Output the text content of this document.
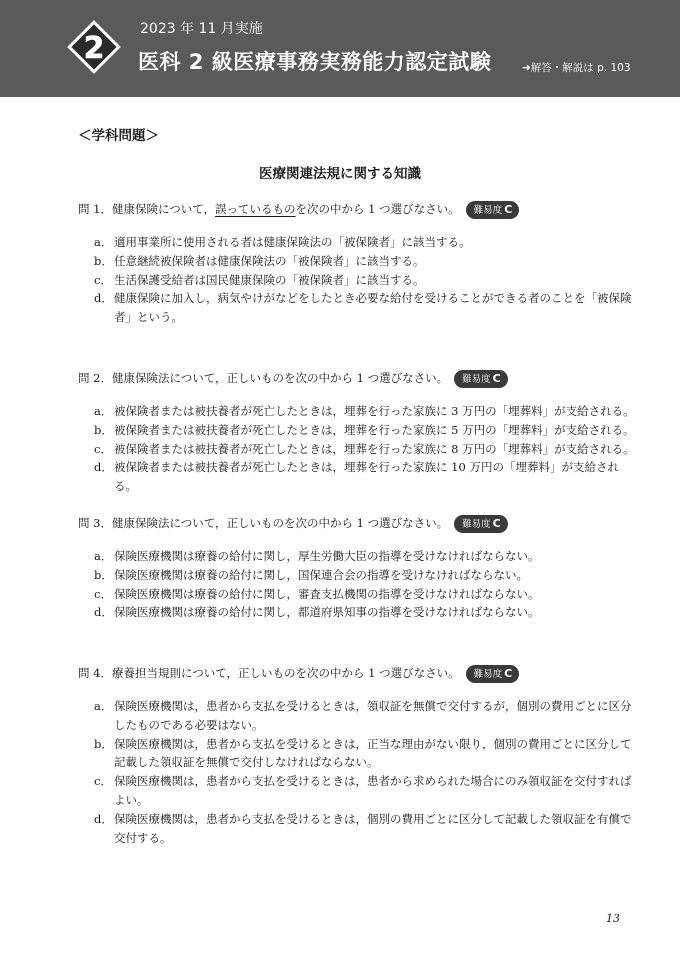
2
2023 年 11 月実施
医科 2 級医療事務実務能力認定試験	➜解答・解説は p. 103
＜学科問題＞
医療関連法規に関する知識
問 1．健康保険について，誤っているものを次の中から 1 つ選びなさい。 難易度 C
a． 適用事業所に使用される者は健康保険法の「被保険者」に該当する。
b． 任意継続被保険者は健康保険法の「被保険者」に該当する。
c． 生活保護受給者は国民健康保険の「被保険者」に該当する。
d． 健康保険に加入し，病気やけがなどをしたとき必要な給付を受けることができる者のことを「被保険者」という。
問 2．健康保険法について，正しいものを次の中から 1 つ選びなさい。 難易度 C
a． 被保険者または被扶養者が死亡したときは，埋葬を行った家族に 3 万円の「埋葬料」が支給される。
b． 被保険者または被扶養者が死亡したときは，埋葬を行った家族に 5 万円の「埋葬料」が支給される。
c． 被保険者または被扶養者が死亡したときは，埋葬を行った家族に 8 万円の「埋葬料」が支給される。
d． 被保険者または被扶養者が死亡したときは，埋葬を行った家族に 10 万円の「埋葬料」が支給される。
問 3．健康保険法について，正しいものを次の中から 1 つ選びなさい。 難易度 C
a． 保険医療機関は療養の給付に関し，厚生労働大臣の指導を受けなければならない。
b． 保険医療機関は療養の給付に関し，国保連合会の指導を受けなければならない。
c． 保険医療機関は療養の給付に関し，審査支払機関の指導を受けなければならない。
d． 保険医療機関は療養の給付に関し，都道府県知事の指導を受けなければならない。
問 4．療養担当規則について，正しいものを次の中から 1 つ選びなさい。 難易度 C
a． 保険医療機関は，患者から支払を受けるときは，領収証を無償で交付するが，個別の費用ごとに区分したものである必要はない。
b． 保険医療機関は，患者から支払を受けるときは，正当な理由がない限り，個別の費用ごとに区分して記載した領収証を無償で交付しなければならない。
c． 保険医療機関は，患者から支払を受けるときは，患者から求められた場合にのみ領収証を交付すればよい。
d． 保険医療機関は，患者から支払を受けるときは，個別の費用ごとに区分して記載した領収証を有償で交付する。
13
